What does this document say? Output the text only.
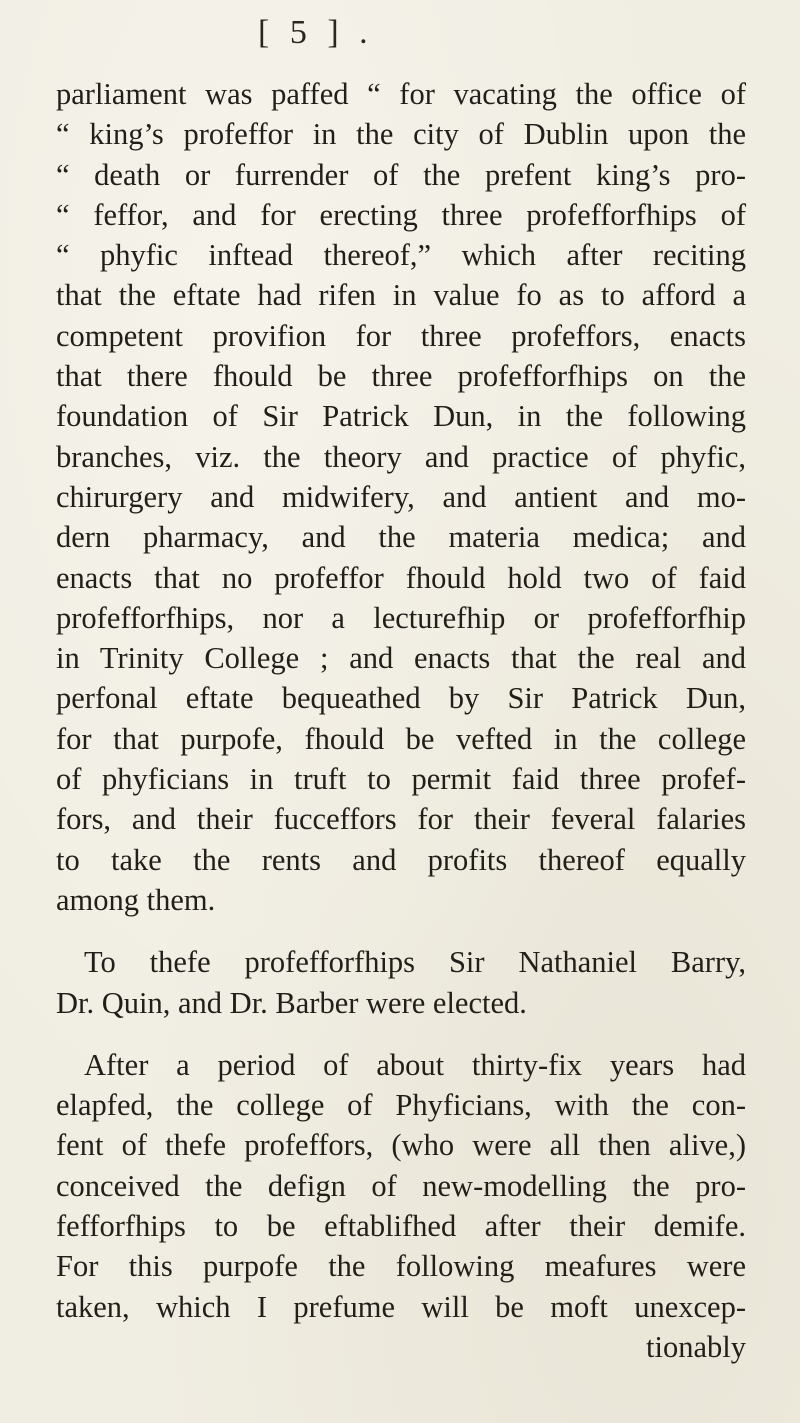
[ 5 ] .
parliament was paffed “ for vacating the office of
“ king’s profeffor in the city of Dublin upon the
“ death or furrender of the prefent king’s pro-
“ feffor, and for erecting three profefforfhips of
“ phyfic inftead thereof,” which after reciting
that the eftate had rifen in value fo as to afford a
competent provifion for three profeffors, enacts
that there fhould be three profefforfhips on the
foundation of Sir Patrick Dun, in the following
branches, viz. the theory and practice of phyfic,
chirurgery and midwifery, and antient and mo-
dern pharmacy, and the materia medica; and
enacts that no profeffor fhould hold two of faid
profefforfhips, nor a lecturefhip or profefforfhip
in Trinity College ; and enacts that the real and
perfonal eftate bequeathed by Sir Patrick Dun,
for that purpofe, fhould be vefted in the college
of phyficians in truft to permit faid three profef-
fors, and their fucceffors for their feveral falaries
to take the rents and profits thereof equally
among them.
To thefe profefforfhips Sir Nathaniel Barry,
Dr. Quin, and Dr. Barber were elected.
After a period of about thirty-fix years had
elapfed, the college of Phyficians, with the con-
fent of thefe profeffors, (who were all then alive,)
conceived the defign of new-modelling the pro-
fefforfhips to be eftablifhed after their demife.
For this purpofe the following meafures were
taken, which I prefume will be moft unexcep-
tionably
